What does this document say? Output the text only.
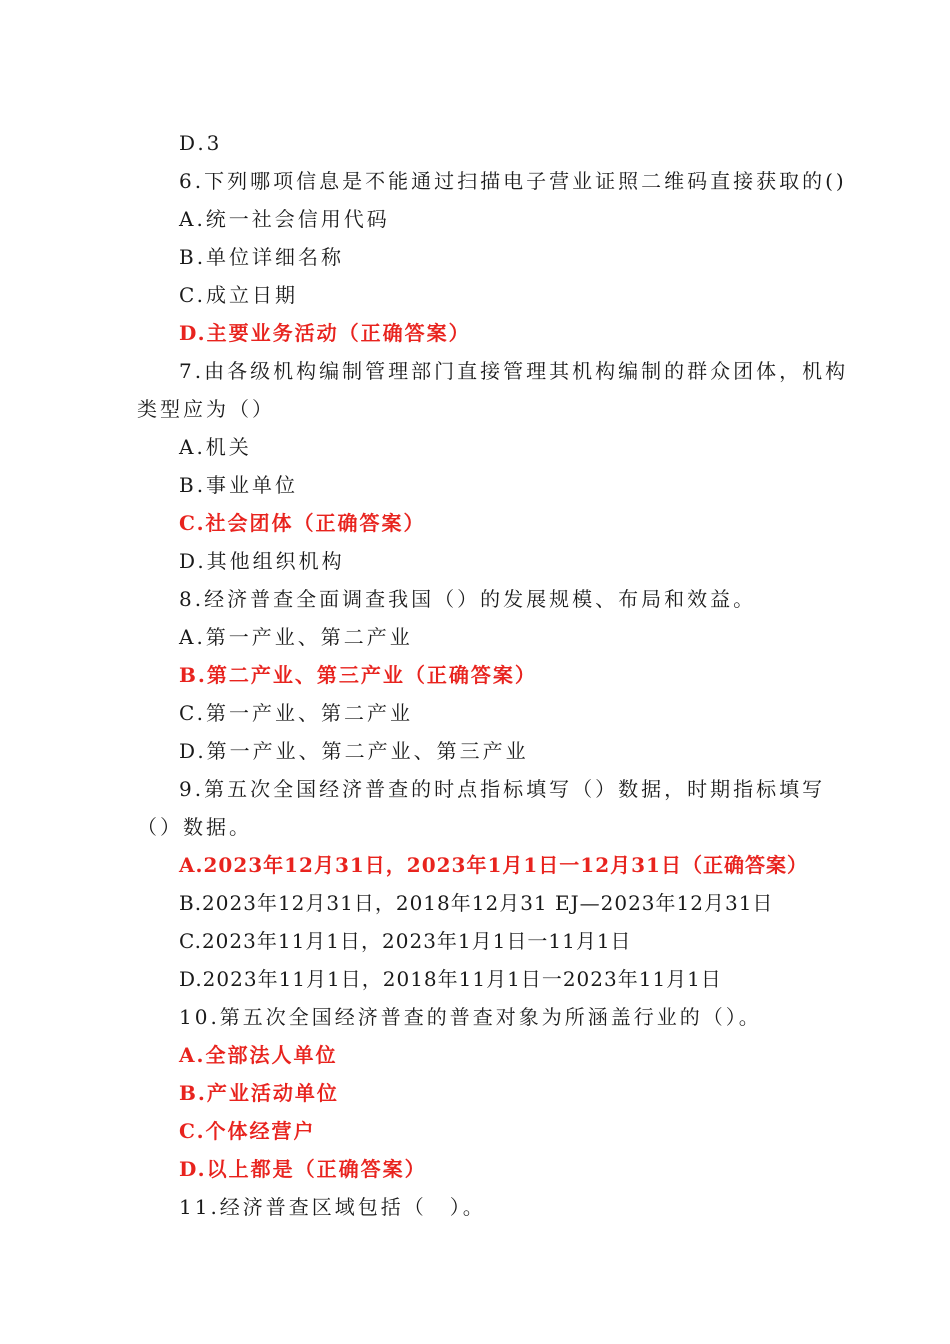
D.3
6.下列哪项信息是不能通过扫描电子营业证照二维码直接获取的()
A.统一社会信用代码
B.单位详细名称
C.成立日期
D.主要业务活动（正确答案）
7.由各级机构编制管理部门直接管理其机构编制的群众团体，机构
类型应为（）
A.机关
B.事业单位
C.社会团体（正确答案）
D.其他组织机构
8.经济普查全面调查我国（）的发展规模、布局和效益。
A.第一产业、第二产业
B.第二产业、第三产业（正确答案）
C.第一产业、第二产业
D.第一产业、第二产业、第三产业
9.第五次全国经济普查的时点指标填写（）数据，时期指标填写
（）数据。
A.2023年12月31日，2023年1月1日一12月31日（正确答案）
B.2023年12月31日，2018年12月31 EJ—2023年12月31日
C.2023年11月1日，2023年1月1日一11月1日
D.2023年11月1日，2018年11月1日一2023年11月1日
10.第五次全国经济普查的普查对象为所涵盖行业的（）。
A.全部法人单位
B.产业活动单位
C.个体经营户
D.以上都是（正确答案）
11.经济普查区域包括（　）。
